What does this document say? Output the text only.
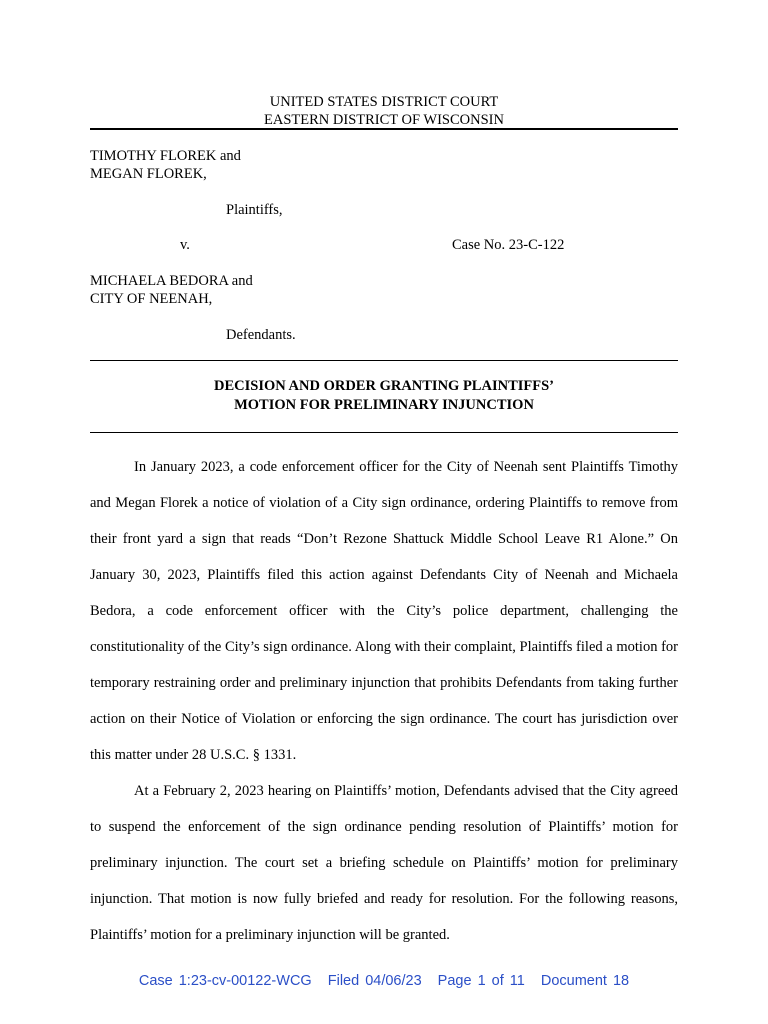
UNITED STATES DISTRICT COURT
EASTERN DISTRICT OF WISCONSIN
TIMOTHY FLOREK and
MEGAN FLOREK,
Plaintiffs,
v.	Case No. 23-C-122
MICHAELA BEDORA and
CITY OF NEENAH,
Defendants.
DECISION AND ORDER GRANTING PLAINTIFFS’
MOTION FOR PRELIMINARY INJUNCTION

In January 2023, a code enforcement officer for the City of Neenah sent Plaintiffs Timothy and Megan Florek a notice of violation of a City sign ordinance, ordering Plaintiffs to remove from their front yard a sign that reads “Don’t Rezone Shattuck Middle School Leave R1 Alone.” On January 30, 2023, Plaintiffs filed this action against Defendants City of Neenah and Michaela Bedora, a code enforcement officer with the City’s police department, challenging the constitutionality of the City’s sign ordinance. Along with their complaint, Plaintiffs filed a motion for temporary restraining order and preliminary injunction that prohibits Defendants from taking further action on their Notice of Violation or enforcing the sign ordinance. The court has jurisdiction over this matter under 28 U.S.C. § 1331.

At a February 2, 2023 hearing on Plaintiffs’ motion, Defendants advised that the City agreed to suspend the enforcement of the sign ordinance pending resolution of Plaintiffs’ motion for preliminary injunction. The court set a briefing schedule on Plaintiffs’ motion for preliminary injunction. That motion is now fully briefed and ready for resolution. For the following reasons, Plaintiffs’ motion for a preliminary injunction will be granted.

Case 1:23-cv-00122-WCG Filed 04/06/23 Page 1 of 11 Document 18
